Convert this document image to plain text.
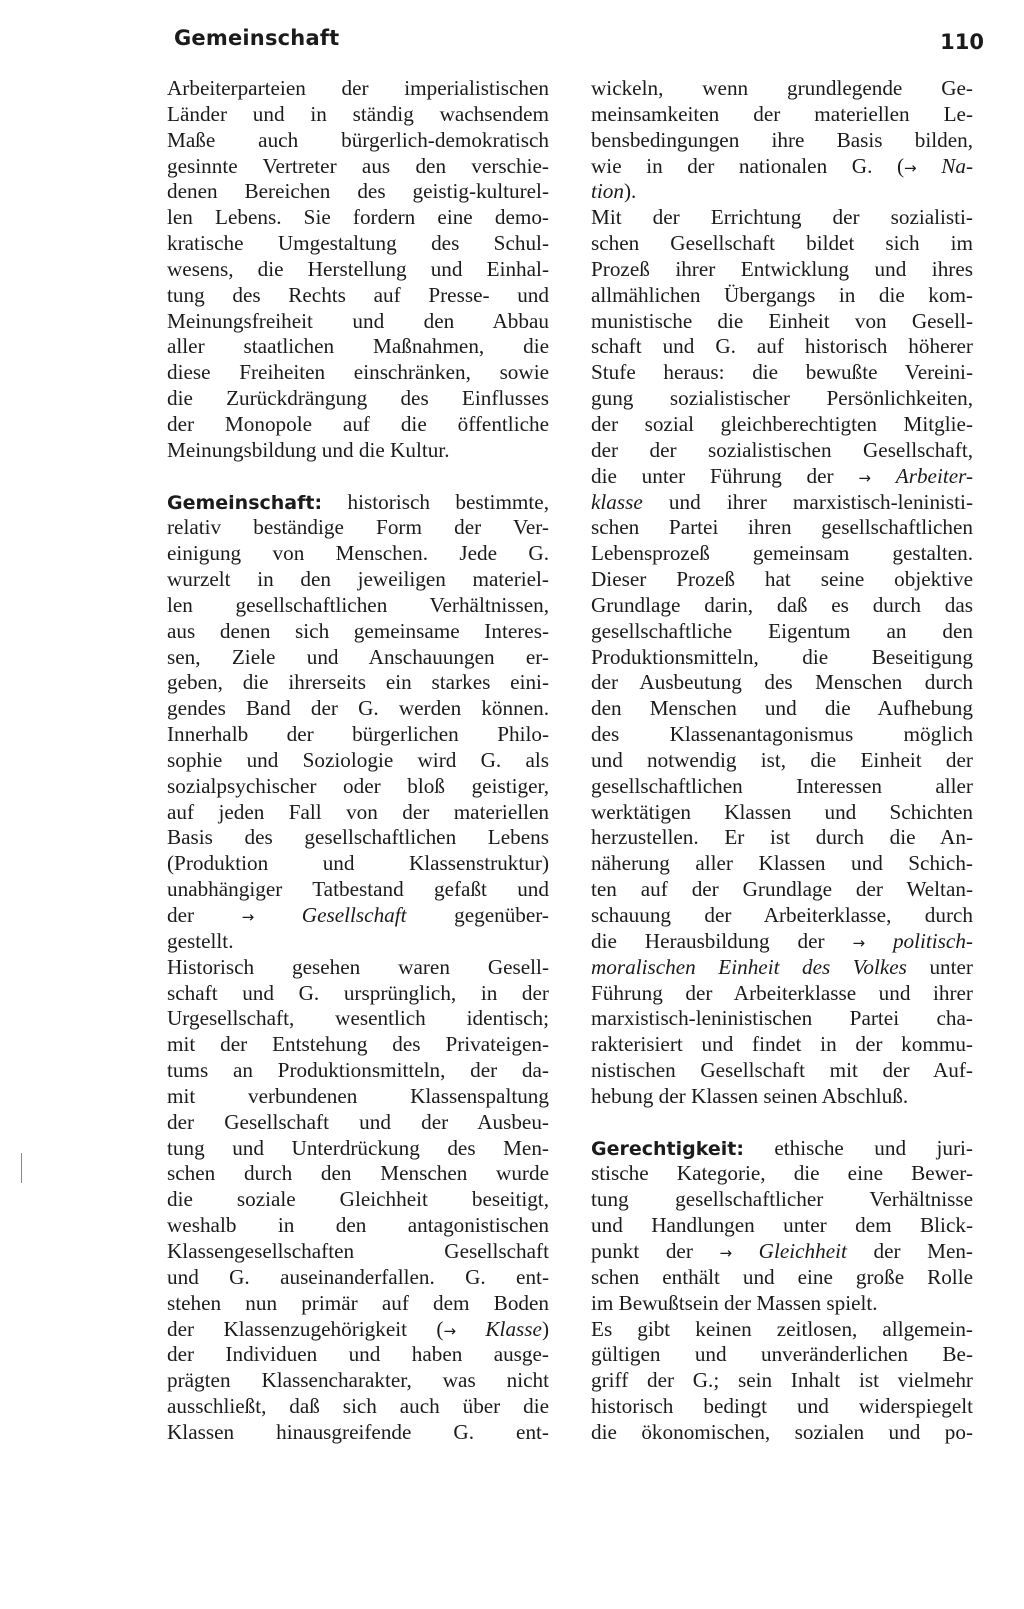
Gemeinschaft	110
Arbeiterparteien der imperialistischen
Länder und in ständig wachsendem
Maße auch bürgerlich-demokratisch
gesinnte Vertreter aus den verschie-
denen Bereichen des geistig-kulturel-
len Lebens. Sie fordern eine demo-
kratische Umgestaltung des Schul-
wesens, die Herstellung und Einhal-
tung des Rechts auf Presse- und
Meinungsfreiheit und den Abbau
aller staatlichen Maßnahmen, die
diese Freiheiten einschränken, sowie
die Zurückdrängung des Einflusses
der Monopole auf die öffentliche
Meinungsbildung und die Kultur.
Gemeinschaft: historisch bestimmte,
relativ beständige Form der Ver-
einigung von Menschen. Jede G.
wurzelt in den jeweiligen materiel-
len gesellschaftlichen Verhältnissen,
aus denen sich gemeinsame Interes-
sen, Ziele und Anschauungen er-
geben, die ihrerseits ein starkes eini-
gendes Band der G. werden können.
Innerhalb der bürgerlichen Philo-
sophie und Soziologie wird G. als
sozialpsychischer oder bloß geistiger,
auf jeden Fall von der materiellen
Basis des gesellschaftlichen Lebens
(Produktion und Klassenstruktur)
unabhängiger Tatbestand gefaßt und
der → Gesellschaft gegenüber-
gestellt.
Historisch gesehen waren Gesell-
schaft und G. ursprünglich, in der
Urgesellschaft, wesentlich identisch;
mit der Entstehung des Privateigen-
tums an Produktionsmitteln, der da-
mit verbundenen Klassenspaltung
der Gesellschaft und der Ausbeu-
tung und Unterdrückung des Men-
schen durch den Menschen wurde
die soziale Gleichheit beseitigt,
weshalb in den antagonistischen
Klassengesellschaften Gesellschaft
und G. auseinanderfallen. G. ent-
stehen nun primär auf dem Boden
der Klassenzugehörigkeit (→ Klasse)
der Individuen und haben ausge-
prägten Klassencharakter, was nicht
ausschließt, daß sich auch über die
Klassen hinausgreifende G. ent-
wickeln, wenn grundlegende Ge-
meinsamkeiten der materiellen Le-
bensbedingungen ihre Basis bilden,
wie in der nationalen G. (→ Na-
tion).
Mit der Errichtung der sozialisti-
schen Gesellschaft bildet sich im
Prozeß ihrer Entwicklung und ihres
allmählichen Übergangs in die kom-
munistische die Einheit von Gesell-
schaft und G. auf historisch höherer
Stufe heraus: die bewußte Vereini-
gung sozialistischer Persönlichkeiten,
der sozial gleichberechtigten Mitglie-
der der sozialistischen Gesellschaft,
die unter Führung der → Arbeiter-
klasse und ihrer marxistisch-leninisti-
schen Partei ihren gesellschaftlichen
Lebensprozeß gemeinsam gestalten.
Dieser Prozeß hat seine objektive
Grundlage darin, daß es durch das
gesellschaftliche Eigentum an den
Produktionsmitteln, die Beseitigung
der Ausbeutung des Menschen durch
den Menschen und die Aufhebung
des Klassenantagonismus möglich
und notwendig ist, die Einheit der
gesellschaftlichen Interessen aller
werktätigen Klassen und Schichten
herzustellen. Er ist durch die An-
näherung aller Klassen und Schich-
ten auf der Grundlage der Weltan-
schauung der Arbeiterklasse, durch
die Herausbildung der → politisch-
moralischen Einheit des Volkes unter
Führung der Arbeiterklasse und ihrer
marxistisch-leninistischen Partei cha-
rakterisiert und findet in der kommu-
nistischen Gesellschaft mit der Auf-
hebung der Klassen seinen Abschluß.
Gerechtigkeit: ethische und juri-
stische Kategorie, die eine Bewer-
tung gesellschaftlicher Verhältnisse
und Handlungen unter dem Blick-
punkt der → Gleichheit der Men-
schen enthält und eine große Rolle
im Bewußtsein der Massen spielt.
Es gibt keinen zeitlosen, allgemein-
gültigen und unveränderlichen Be-
griff der G.; sein Inhalt ist vielmehr
historisch bedingt und widerspiegelt
die ökonomischen, sozialen und po-
